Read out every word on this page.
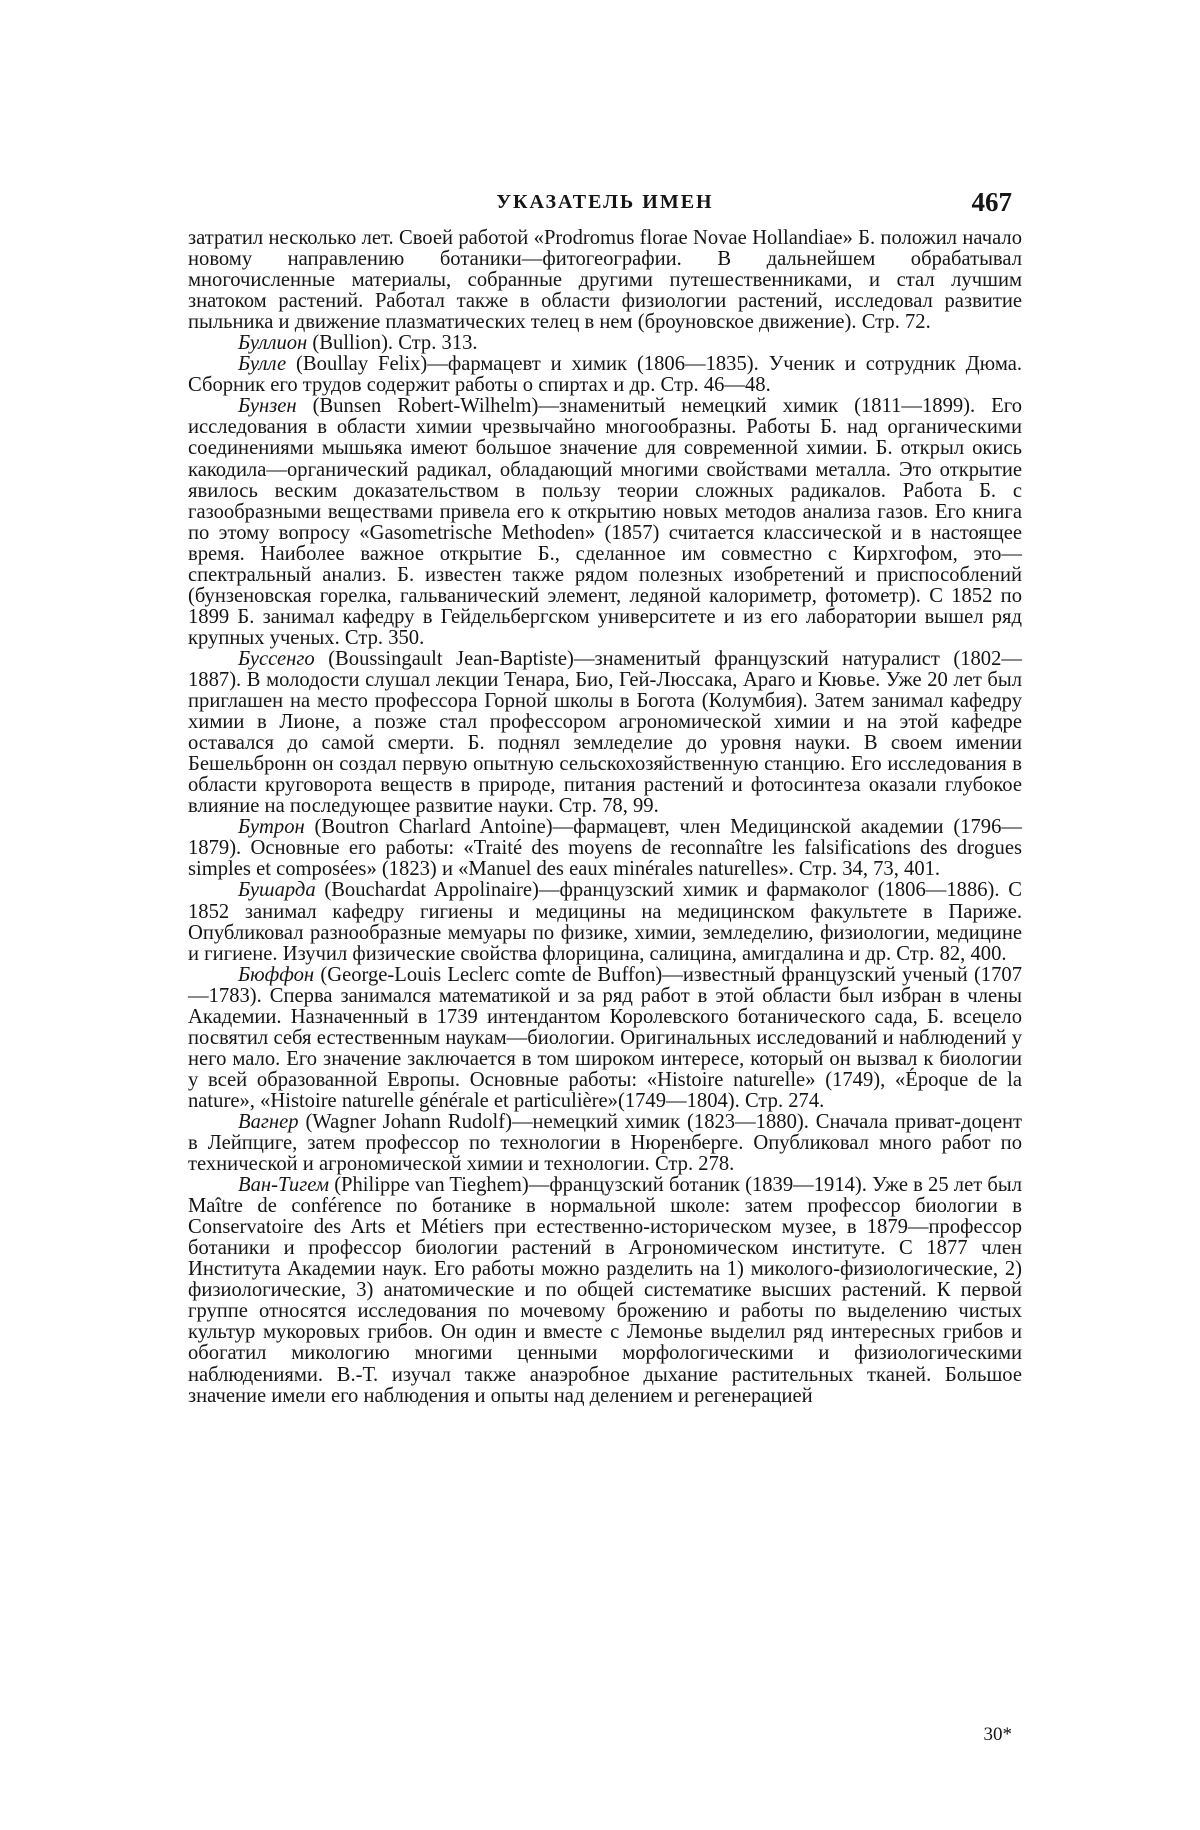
УКАЗАТЕЛЬ ИМЕН	467

затратил несколько лет. Своей работой «Prodromus florae Novae Hollandiae» Б. положил начало новому направлению ботаники—фитогеографии. В дальнейшем обрабатывал многочисленные материалы, собранные другими путешественниками, и стал лучшим знатоком растений. Работал также в области физиологии растений, исследовал развитие пыльника и движение плазматических телец в нем (броуновское движение). Стр. 72.

Буллион (Bullion). Стр. 313.

Булле (Boullay Felix)—фармацевт и химик (1806—1835). Ученик и сотрудник Дюма. Сборник его трудов содержит работы о спиртах и др. Стр. 46—48.

Бунзен (Bunsen Robert-Wilhelm)—знаменитый немецкий химик (1811—1899). Его исследования в области химии чрезвычайно многообразны. Работы Б. над органическими соединениями мышьяка имеют большое значение для современной химии. Б. открыл окись какодила—органический радикал, обладающий многими свойствами металла. Это открытие явилось веским доказательством в пользу теории сложных радикалов. Работа Б. с газообразными веществами привела его к открытию новых методов анализа газов. Его книга по этому вопросу «Gasometrische Methoden» (1857) считается классической и в настоящее время. Наиболее важное открытие Б., сделанное им совместно с Кирхгофом, это—спектральный анализ. Б. известен также рядом полезных изобретений и приспособлений (бунзеновская горелка, гальванический элемент, ледяной калориметр, фотометр). С 1852 по 1899 Б. занимал кафедру в Гейдельбергском университете и из его лаборатории вышел ряд крупных ученых. Стр. 350.

Буссенго (Boussingault Jean-Baptiste)—знаменитый французский натуралист (1802—1887). В молодости слушал лекции Тенара, Био, Гей-Люссака, Араго и Кювье. Уже 20 лет был приглашен на место профессора Горной школы в Богота (Колумбия). Затем занимал кафедру химии в Лионе, а позже стал профессором агрономической химии и на этой кафедре оставался до самой смерти. Б. поднял земледелие до уровня науки. В своем имении Бешельбронн он создал первую опытную сельскохозяйственную станцию. Его исследования в области круговорота веществ в природе, питания растений и фотосинтеза оказали глубокое влияние на последующее развитие науки. Стр. 78, 99.

Бутрон (Boutron Charlard Antoine)—фармацевт, член Медицинской академии (1796—1879). Основные его работы: «Traité des moyens de reconnaître les falsifications des drogues simples et composées» (1823) и «Manuel des eaux minérales naturelles». Стр. 34, 73, 401.

Бушарда (Bouchardat Appolinaire)—французский химик и фармаколог (1806—1886). С 1852 занимал кафедру гигиены и медицины на медицинском факультете в Париже. Опубликовал разнообразные мемуары по физике, химии, земледелию, физиологии, медицине и гигиене. Изучил физические свойства флорицина, салицина, амигдалина и др. Стр. 82, 400.

Бюффон (George-Louis Leclerc comte de Buffon)—известный французский ученый (1707—1783). Сперва занимался математикой и за ряд работ в этой области был избран в члены Академии. Назначенный в 1739 интендантом Королевского ботанического сада, Б. всецело посвятил себя естественным наукам—биологии. Оригинальных исследований и наблюдений у него мало. Его значение заключается в том широком интересе, который он вызвал к биологии у всей образованной Европы. Основные работы: «Histoire naturelle» (1749), «Époque de la nature», «Histoire naturelle générale et particulière»(1749—1804). Стр. 274.

Вагнер (Wagner Johann Rudolf)—немецкий химик (1823—1880). Сначала приват-доцент в Лейпциге, затем профессор по технологии в Нюренберге. Опубликовал много работ по технической и агрономической химии и технологии. Стр. 278.

Ван-Тигем (Philippe van Tieghem)—французский ботаник (1839—1914). Уже в 25 лет был Maître de conférence по ботанике в нормальной школе: затем профессор биологии в Conservatoire des Arts et Métiers при естественно-историческом музее, в 1879—профессор ботаники и профессор биологии растений в Агрономическом институте. С 1877 член Института Академии наук. Его работы можно разделить на 1) микологo-физиологические, 2) физиологические, 3) анатомические и по общей систематике высших растений. К первой группе относятся исследования по мочевому брожению и работы по выделению чистых культур мукоровых грибов. Он один и вместе с Лемонье выделил ряд интересных грибов и обогатил микологию многими ценными морфологическими и физиологическими наблюдениями. В.-Т. изучал также анаэробное дыхание растительных тканей. Большое значение имели его наблюдения и опыты над делением и регенерацией

30*
